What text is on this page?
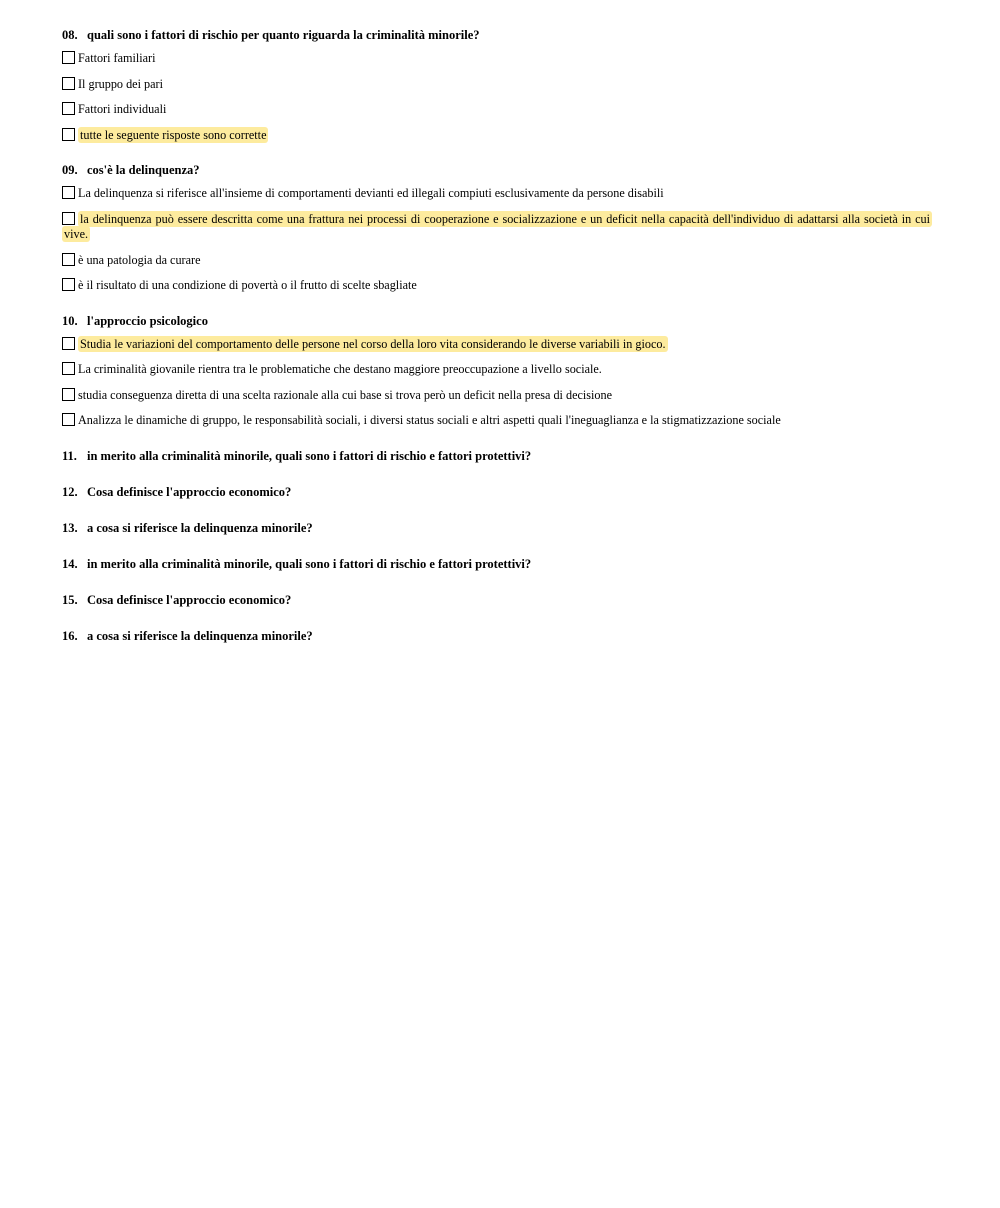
08. quali sono i fattori di rischio per quanto riguarda la criminalità minorile?
Fattori familiari
Il gruppo dei pari
Fattori individuali
tutte le seguente risposte sono corrette
09. cos'è la delinquenza?
La delinquenza si riferisce all'insieme di comportamenti devianti ed illegali compiuti esclusivamente da persone disabili
la delinquenza può essere descritta come una frattura nei processi di cooperazione e socializzazione e un deficit nella capacità dell'individuo di adattarsi alla società in cui vive.
è una patologia da curare
è il risultato di una condizione di povertà o il frutto di scelte sbagliate
10. l'approccio psicologico
Studia le variazioni del comportamento delle persone nel corso della loro vita considerando le diverse variabili in gioco.
La criminalità giovanile rientra tra le problematiche che destano maggiore preoccupazione a livello sociale.
studia conseguenza diretta di una scelta razionale alla cui base si trova però un deficit nella presa di decisione
Analizza le dinamiche di gruppo, le responsabilità sociali, i diversi status sociali e altri aspetti quali l'ineguaglianza e la stigmatizzazione sociale
11. in merito alla criminalità minorile, quali sono i fattori di rischio e fattori protettivi?
12. Cosa definisce l'approccio economico?
13. a cosa si riferisce la delinquenza minorile?
14. in merito alla criminalità minorile, quali sono i fattori di rischio e fattori protettivi?
15. Cosa definisce l'approccio economico?
16. a cosa si riferisce la delinquenza minorile?
